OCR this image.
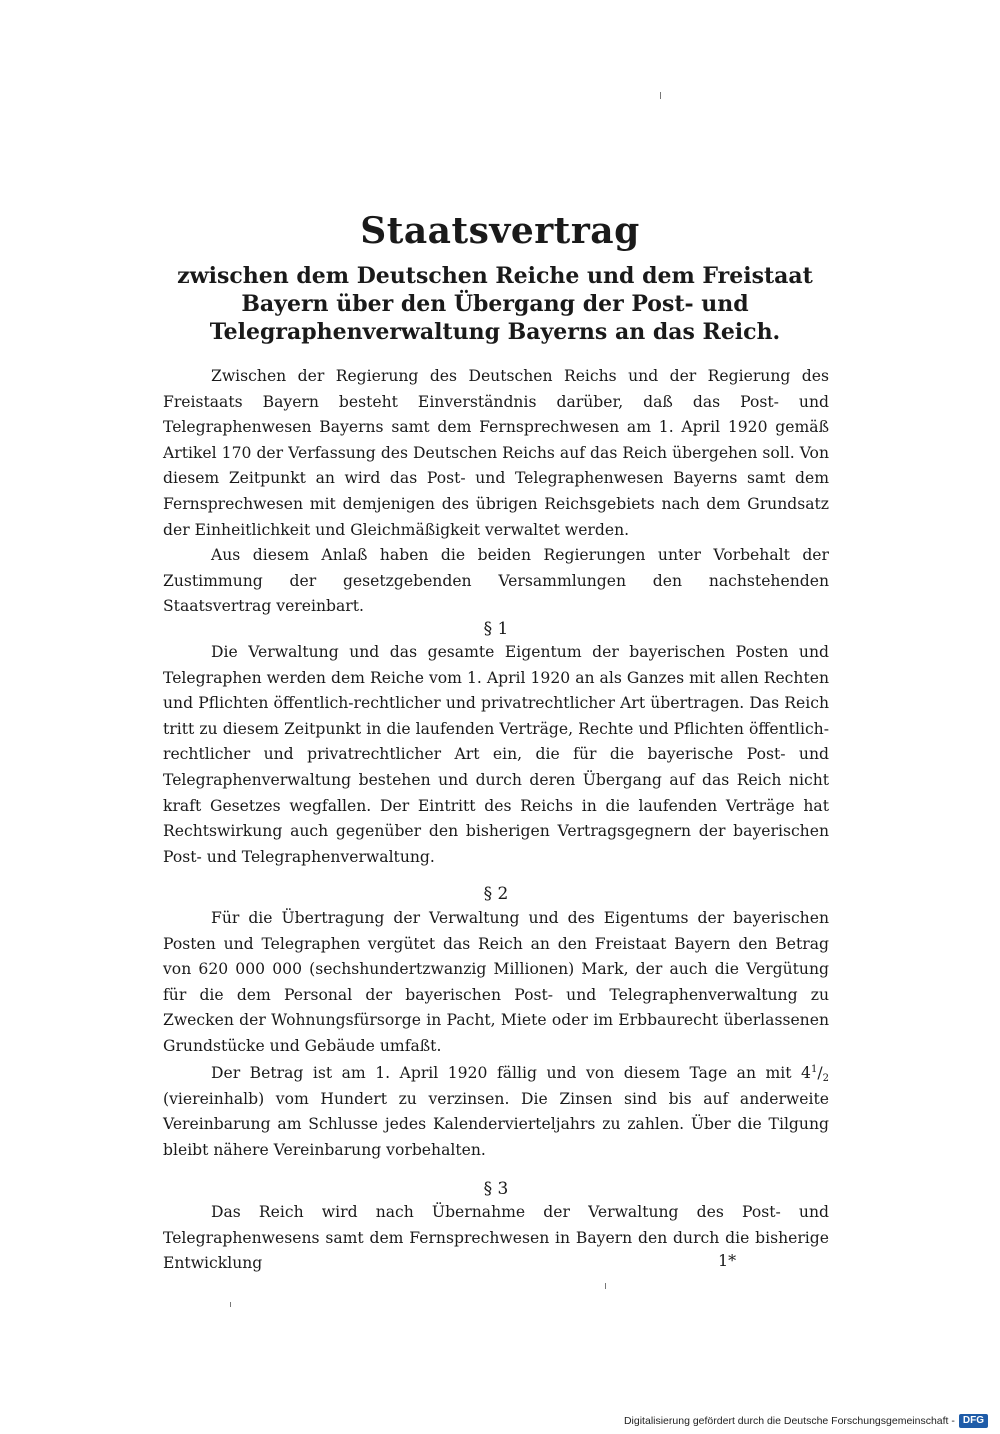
Staatsvertrag
zwischen dem Deutschen Reiche und dem Freistaat Bayern über den Übergang der Post- und Telegraphenverwaltung Bayerns an das Reich.

Zwischen der Regierung des Deutschen Reichs und der Regierung des Freistaats Bayern besteht Einverständnis darüber, daß das Post- und Telegraphenwesen Bayerns samt dem Fernsprechwesen am 1. April 1920 gemäß Artikel 170 der Verfassung des Deutschen Reichs auf das Reich übergehen soll. Von diesem Zeitpunkt an wird das Post- und Telegraphenwesen Bayerns samt dem Fernsprechwesen mit demjenigen des übrigen Reichsgebiets nach dem Grundsatz der Einheitlichkeit und Gleichmäßigkeit verwaltet werden.

Aus diesem Anlaß haben die beiden Regierungen unter Vorbehalt der Zustimmung der gesetzgebenden Versammlungen den nachstehenden Staatsvertrag vereinbart.

§ 1

Die Verwaltung und das gesamte Eigentum der bayerischen Posten und Telegraphen werden dem Reiche vom 1. April 1920 an als Ganzes mit allen Rechten und Pflichten öffentlich-rechtlicher und privatrechtlicher Art übertragen. Das Reich tritt zu diesem Zeitpunkt in die laufenden Verträge, Rechte und Pflichten öffentlich-rechtlicher und privatrechtlicher Art ein, die für die bayerische Post- und Telegraphenverwaltung bestehen und durch deren Übergang auf das Reich nicht kraft Gesetzes wegfallen. Der Eintritt des Reichs in die laufenden Verträge hat Rechtswirkung auch gegenüber den bisherigen Vertragsgegnern der bayerischen Post- und Telegraphenverwaltung.

§ 2

Für die Übertragung der Verwaltung und des Eigentums der bayerischen Posten und Telegraphen vergütet das Reich an den Freistaat Bayern den Betrag von 620 000 000 (sechshundertzwanzig Millionen) Mark, der auch die Vergütung für die dem Personal der bayerischen Post- und Telegraphenverwaltung zu Zwecken der Wohnungsfürsorge in Pacht, Miete oder im Erbbaurecht überlassenen Grundstücke und Gebäude umfaßt.

Der Betrag ist am 1. April 1920 fällig und von diesem Tage an mit $4^1/_2$ (viereinhalb) vom Hundert zu verzinsen. Die Zinsen sind bis auf anderweite Vereinbarung am Schlusse jedes Kalendervierteljahrs zu zahlen. Über die Tilgung bleibt nähere Vereinbarung vorbehalten.

§ 3

Das Reich wird nach Übernahme der Verwaltung des Post- und Telegraphenwesens samt dem Fernsprechwesen in Bayern den durch die bisherige Entwicklung	1*
Digitalisierung gefördert durch die Deutsche Forschungsgemeinschaft - DFG
